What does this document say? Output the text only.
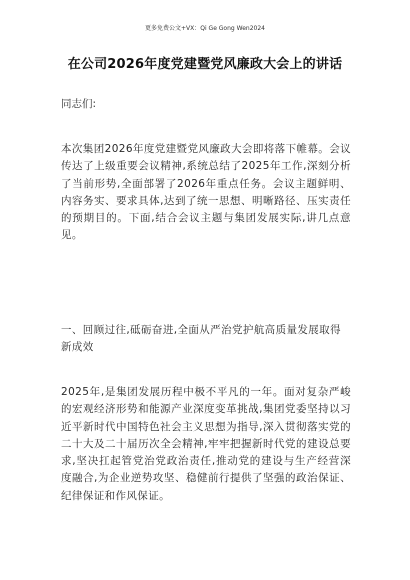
更多免费公文+VX：Qi Ge Gong Wen2024
在公司2026年度党建暨党风廉政大会上的讲话
同志们:
本次集团2026年度党建暨党风廉政大会即将落下帷幕。会议传达了上级重要会议精神,系统总结了2025年工作,深刻分析了当前形势,全面部署了2026年重点任务。会议主题鲜明、内容务实、要求具体,达到了统一思想、明晰路径、压实责任的预期目的。下面,结合会议主题与集团发展实际,讲几点意见。
一、回顾过往,砥砺奋进,全面从严治党护航高质量发展取得新成效
2025年,是集团发展历程中极不平凡的一年。面对复杂严峻的宏观经济形势和能源产业深度变革挑战,集团党委坚持以习近平新时代中国特色社会主义思想为指导,深入贯彻落实党的二十大及二十届历次全会精神,牢牢把握新时代党的建设总要求,坚决扛起管党治党政治责任,推动党的建设与生产经营深度融合,为企业逆势攻坚、稳健前行提供了坚强的政治保证、纪律保证和作风保证。
